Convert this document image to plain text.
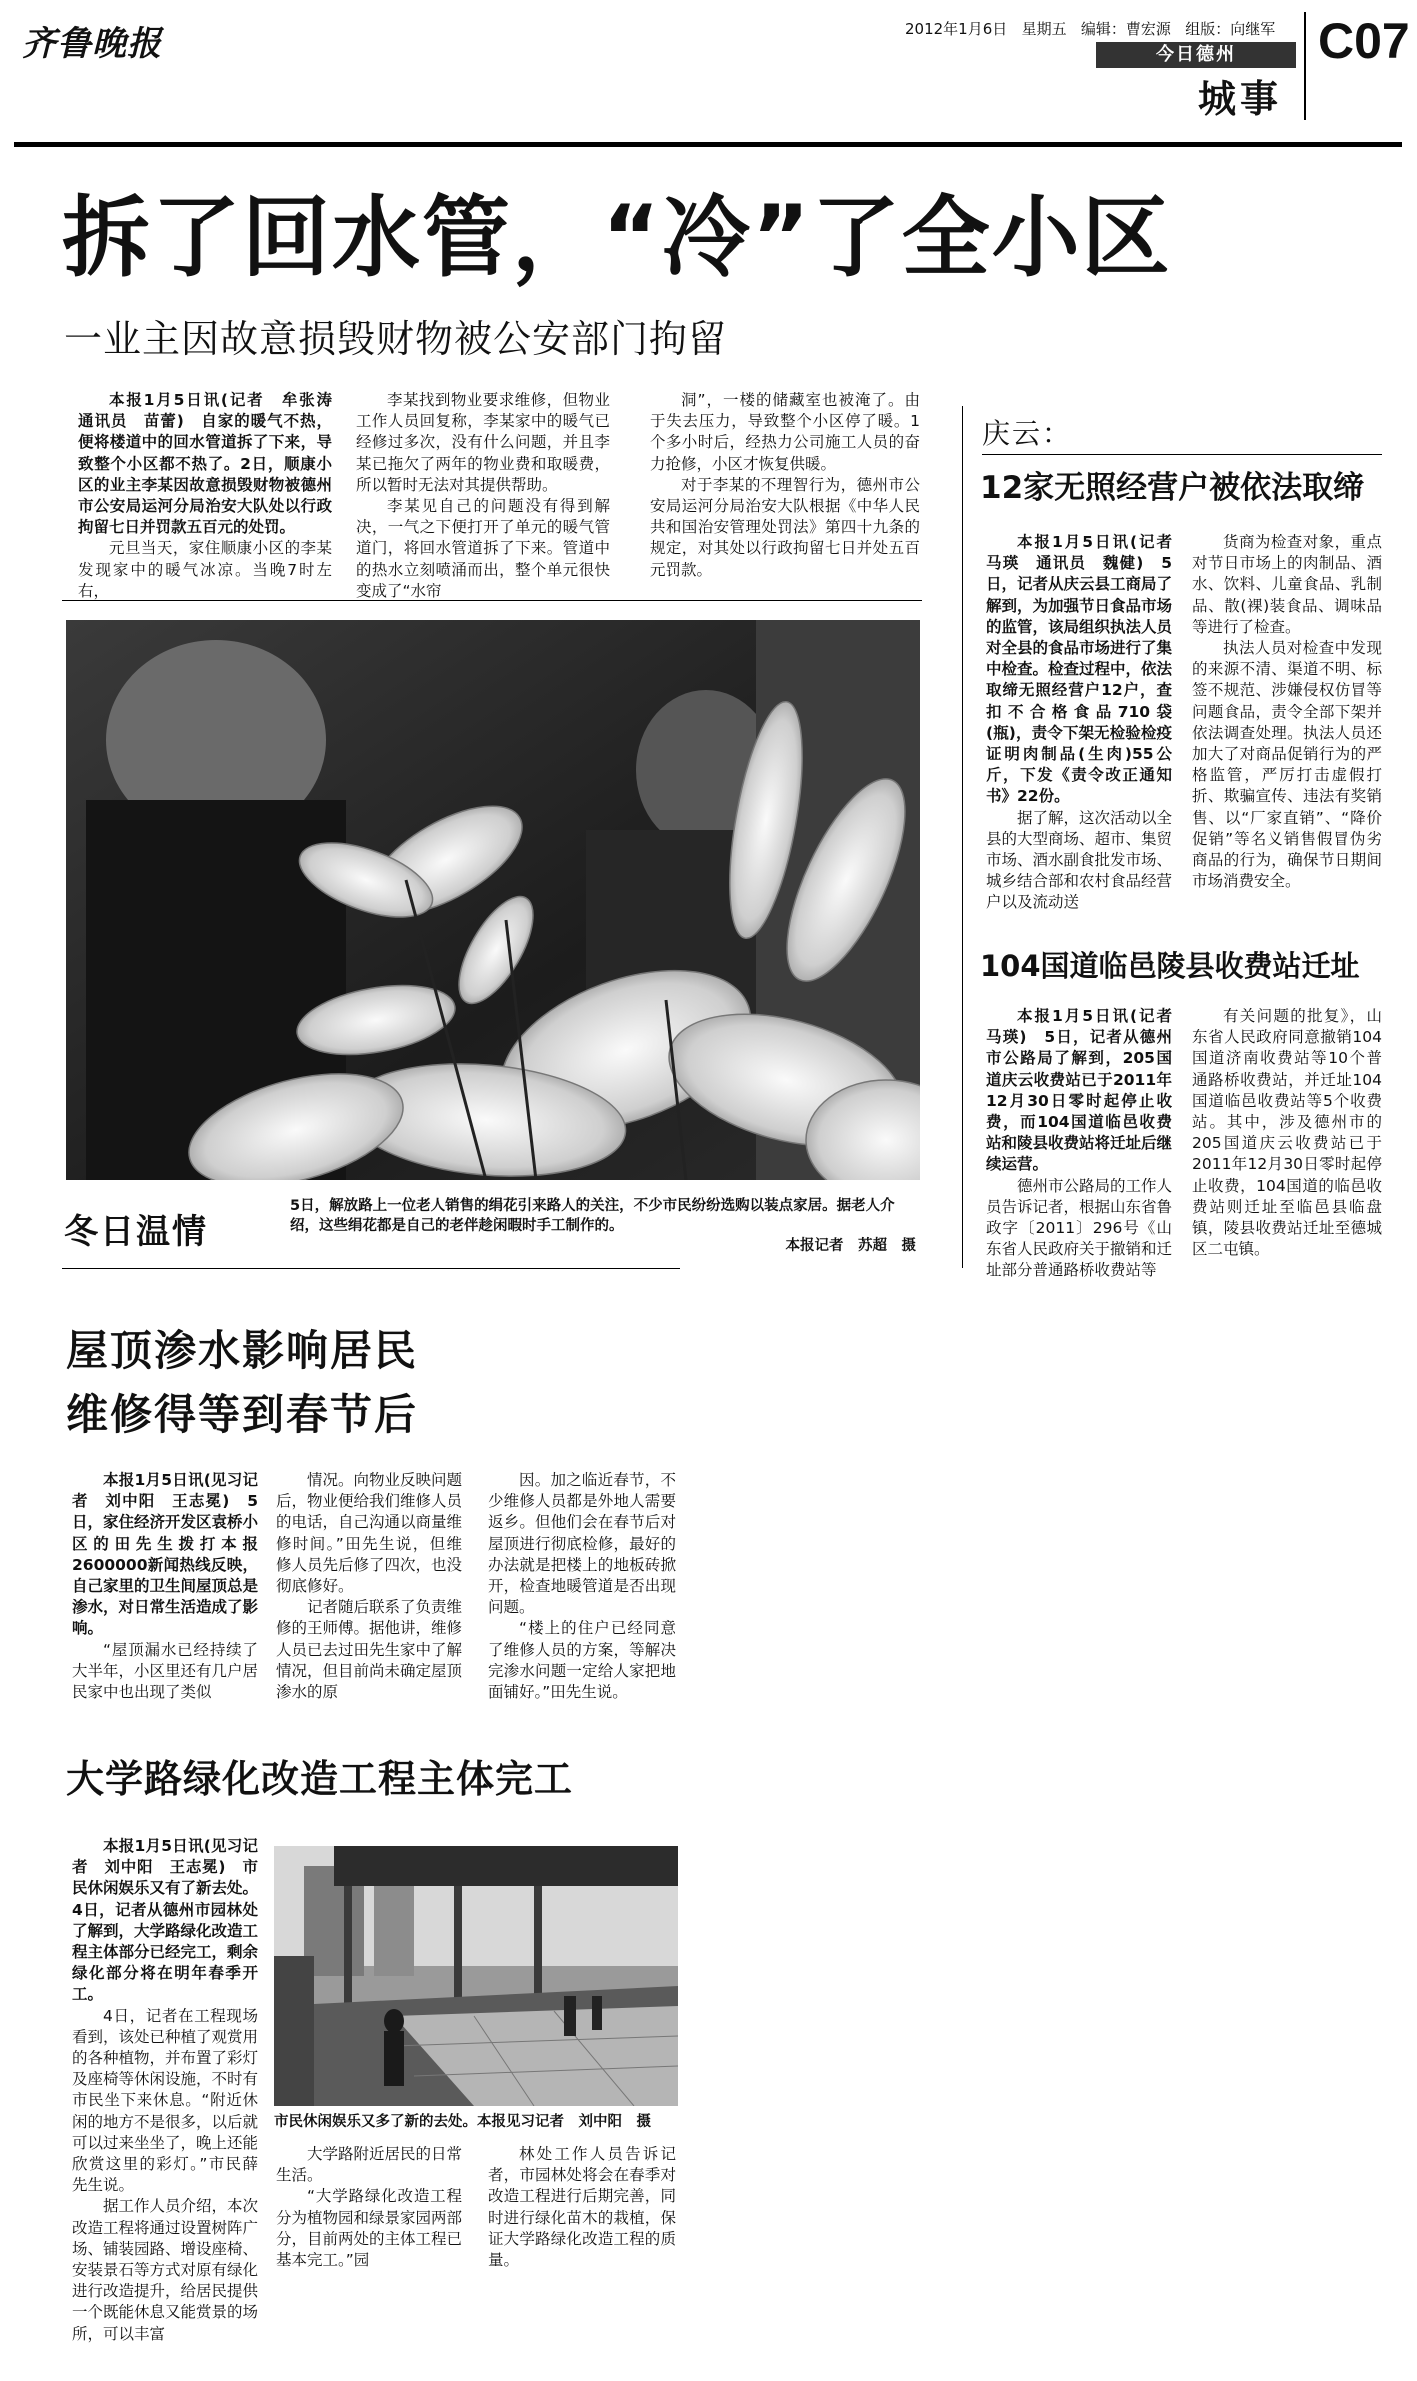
齐鲁晚报	2012年1月6日 星期五 编辑：曹宏源 组版：向继军
今日德州
城事
C07
拆了回水管，“冷”了全小区
一业主因故意损毁财物被公安部门拘留

本报1月5日讯(记者　牟张涛　通讯员　苗蕾)　自家的暖气不热，便将楼道中的回水管道拆了下来，导致整个小区都不热了。2日，顺康小区的业主李某因故意损毁财物被德州市公安局运河分局治安大队处以行政拘留七日并罚款五百元的处罚。

元旦当天，家住顺康小区的李某发现家中的暖气冰凉。当晚7时左右，

李某找到物业要求维修，但物业工作人员回复称，李某家中的暖气已经修过多次，没有什么问题，并且李某已拖欠了两年的物业费和取暖费，所以暂时无法对其提供帮助。

李某见自己的问题没有得到解决，一气之下便打开了单元的暖气管道门，将回水管道拆了下来。管道中的热水立刻喷涌而出，整个单元很快变成了“水帘

洞”，一楼的储藏室也被淹了。由于失去压力，导致整个小区停了暖。1个多小时后，经热力公司施工人员的奋力抢修，小区才恢复供暖。

对于李某的不理智行为，德州市公安局运河分局治安大队根据《中华人民共和国治安管理处罚法》第四十九条的规定，对其处以行政拘留七日并处五百元罚款。

冬日温情
5日，解放路上一位老人销售的绢花引来路人的关注，不少市民纷纷选购以装点家居。据老人介绍，这些绢花都是自己的老伴趁闲暇时手工制作的。
本报记者　苏超　摄
庆云：
12家无照经营户被依法取缔

本报1月5日讯(记者　马瑛　通讯员　魏健)　5日，记者从庆云县工商局了解到，为加强节日食品市场的监管，该局组织执法人员对全县的食品市场进行了集中检查。检查过程中，依法取缔无照经营户12户，查扣不合格食品710袋(瓶)，责令下架无检验检疫证明肉制品(生肉)55公斤，下发《责令改正通知书》22份。

据了解，这次活动以全县的大型商场、超市、集贸市场、酒水副食批发市场、城乡结合部和农村食品经营户以及流动送

货商为检查对象，重点对节日市场上的肉制品、酒水、饮料、儿童食品、乳制品、散(裸)装食品、调味品等进行了检查。

执法人员对检查中发现的来源不清、渠道不明、标签不规范、涉嫌侵权仿冒等问题食品，责令全部下架并依法调查处理。执法人员还加大了对商品促销行为的严格监管，严厉打击虚假打折、欺骗宣传、违法有奖销售、以“厂家直销”、“降价促销”等名义销售假冒伪劣商品的行为，确保节日期间市场消费安全。

104国道临邑陵县收费站迁址

本报1月5日讯(记者　马瑛)　5日，记者从德州市公路局了解到，205国道庆云收费站已于2011年12月30日零时起停止收费，而104国道临邑收费站和陵县收费站将迁址后继续运营。

德州市公路局的工作人员告诉记者，根据山东省鲁政字〔2011〕296号《山东省人民政府关于撤销和迁址部分普通路桥收费站等

有关问题的批复》，山东省人民政府同意撤销104国道济南收费站等10个普通路桥收费站，并迁址104国道临邑收费站等5个收费站。其中，涉及德州市的205国道庆云收费站已于2011年12月30日零时起停止收费，104国道的临邑收费站则迁址至临邑县临盘镇，陵县收费站迁址至德城区二屯镇。

屋顶渗水影响居民
维修得等到春节后

本报1月5日讯(见习记者　刘中阳　王志冕)　5日，家住经济开发区袁桥小区的田先生拨打本报2600000新闻热线反映，自己家里的卫生间屋顶总是渗水，对日常生活造成了影响。

“屋顶漏水已经持续了大半年，小区里还有几户居民家中也出现了类似

情况。向物业反映问题后，物业便给我们维修人员的电话，自己沟通以商量维修时间。”田先生说，但维修人员先后修了四次，也没彻底修好。

记者随后联系了负责维修的王师傅。据他讲，维修人员已去过田先生家中了解情况，但目前尚未确定屋顶渗水的原

因。加之临近春节，不少维修人员都是外地人需要返乡。但他们会在春节后对屋顶进行彻底检修，最好的办法就是把楼上的地板砖掀开，检查地暖管道是否出现问题。

“楼上的住户已经同意了维修人员的方案，等解决完渗水问题一定给人家把地面铺好。”田先生说。

大学路绿化改造工程主体完工

本报1月5日讯(见习记者　刘中阳　王志冕)　市民休闲娱乐又有了新去处。4日，记者从德州市园林处了解到，大学路绿化改造工程主体部分已经完工，剩余绿化部分将在明年春季开工。

4日，记者在工程现场看到，该处已种植了观赏用的各种植物，并布置了彩灯及座椅等休闲设施，不时有市民坐下来休息。“附近休闲的地方不是很多，以后就可以过来坐坐了，晚上还能欣赏这里的彩灯。”市民薛先生说。

据工作人员介绍，本次改造工程将通过设置树阵广场、铺装园路、增设座椅、安装景石等方式对原有绿化进行改造提升，给居民提供一个既能休息又能赏景的场所，可以丰富

市民休闲娱乐又多了新的去处。本报见习记者　刘中阳　摄

大学路附近居民的日常生活。

“大学路绿化改造工程分为植物园和绿景家园两部分，目前两处的主体工程已基本完工。”园

林处工作人员告诉记者，市园林处将会在春季对改造工程进行后期完善，同时进行绿化苗木的栽植，保证大学路绿化改造工程的质量。
